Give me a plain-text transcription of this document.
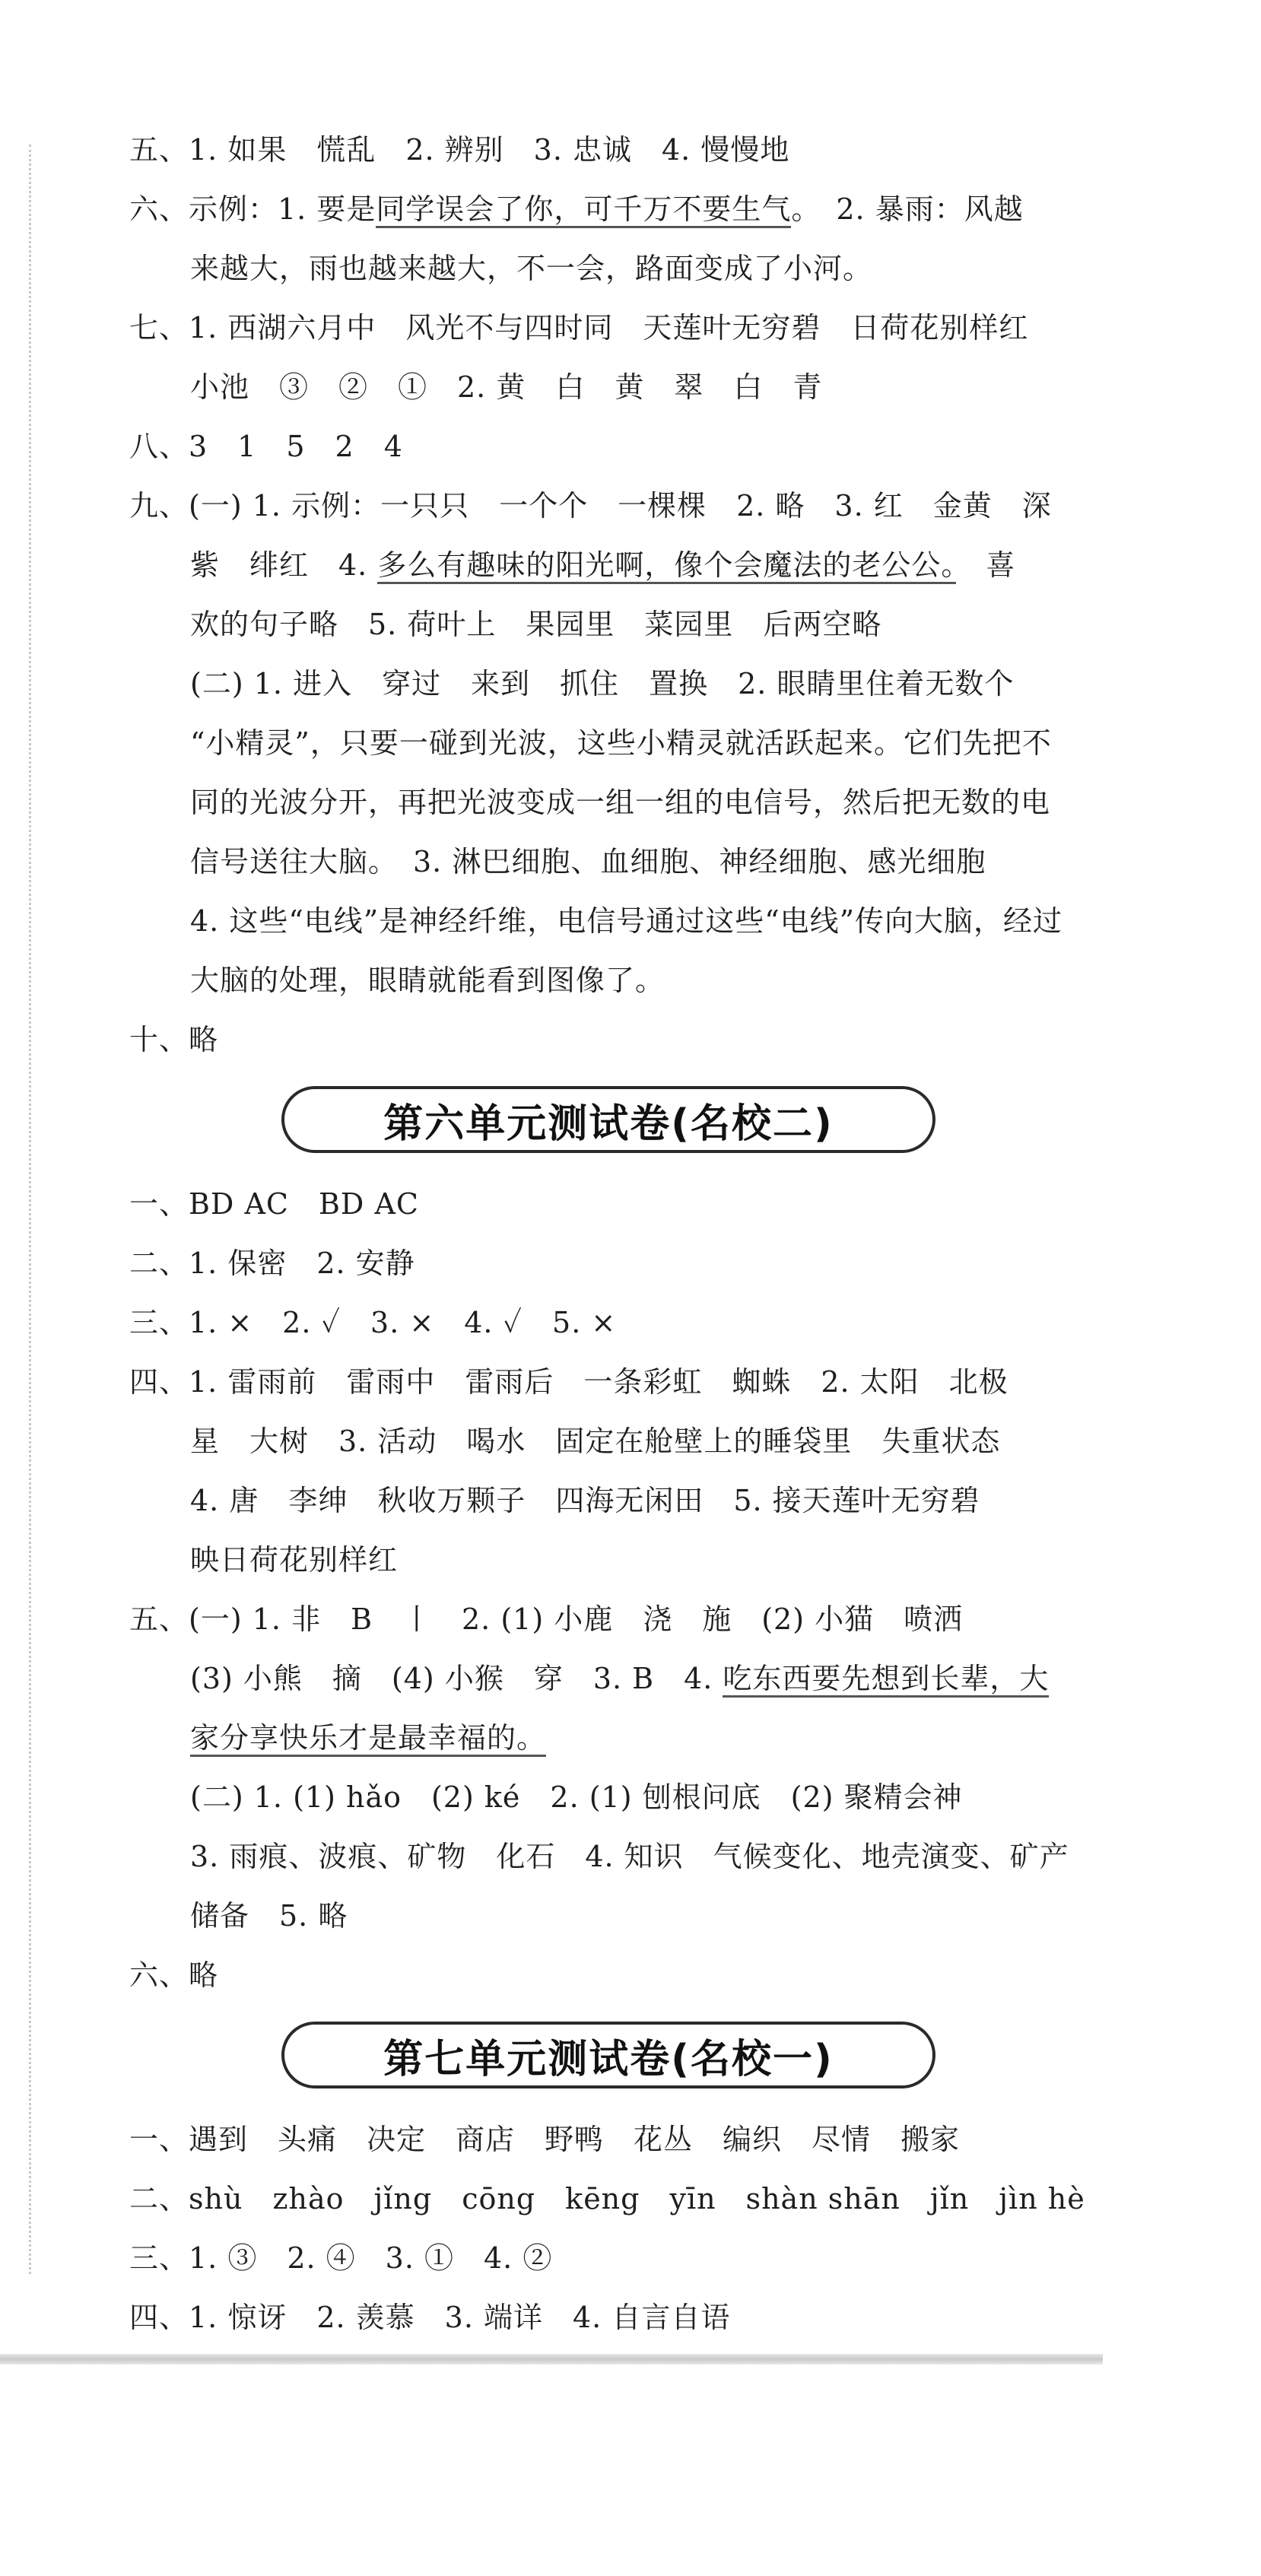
五、1. 如果　慌乱　2. 辨别　3. 忠诚　4. 慢慢地
六、示例：1. 要是同学误会了你，可千万不要生气。　2. 暴雨：风越
来越大，雨也越来越大，不一会，路面变成了小河。
七、1. 西湖六月中　风光不与四时同　天莲叶无穷碧　日荷花别样红
小池　③　②　①　2. 黄　白　黄　翠　白　青
八、3　1　5　2　4
九、(一) 1. 示例：一只只　一个个　一棵棵　2. 略　3. 红　金黄　深
紫　绯红　4. 多么有趣味的阳光啊，像个会魔法的老公公。　喜
欢的句子略　5. 荷叶上　果园里　菜园里　后两空略
(二) 1. 进入　穿过　来到　抓住　置换　2. 眼睛里住着无数个
“小精灵”，只要一碰到光波，这些小精灵就活跃起来。它们先把不
同的光波分开，再把光波变成一组一组的电信号，然后把无数的电
信号送往大脑。　3. 淋巴细胞、血细胞、神经细胞、感光细胞
4. 这些“电线”是神经纤维，电信号通过这些“电线”传向大脑，经过
大脑的处理，眼睛就能看到图像了。
十、略
第六单元测试卷(名校二)
一、BD AC　BD AC
二、1. 保密　2. 安静
三、1. ×　2. ✓　3. ×　4. ✓　5. ×
四、1. 雷雨前　雷雨中　雷雨后　一条彩虹　蜘蛛　2. 太阳　北极
星　大树　3. 活动　喝水　固定在舱壁上的睡袋里　失重状态
4. 唐　李绅　秋收万颗子　四海无闲田　5. 接天莲叶无穷碧
映日荷花别样红
五、(一) 1. 非　B　丨　2. (1) 小鹿　浇　施　(2) 小猫　喷洒
(3) 小熊　摘　(4) 小猴　穿　3. B　4. 吃东西要先想到长辈，大
家分享快乐才是最幸福的。
(二) 1. (1) hǎo　(2) ké　2. (1) 刨根问底　(2) 聚精会神
3. 雨痕、波痕、矿物　化石　4. 知识　气候变化、地壳演变、矿产
储备　5. 略
六、略
第七单元测试卷(名校一)
一、遇到　头痛　决定　商店　野鸭　花丛　编织　尽情　搬家
二、shù　zhào　jǐng　cōng　kēng　yīn　shàn shān　jǐn　jìn hè
三、1. ③　2. ④　3. ①　4. ②
四、1. 惊讶　2. 羡慕　3. 端详　4. 自言自语
